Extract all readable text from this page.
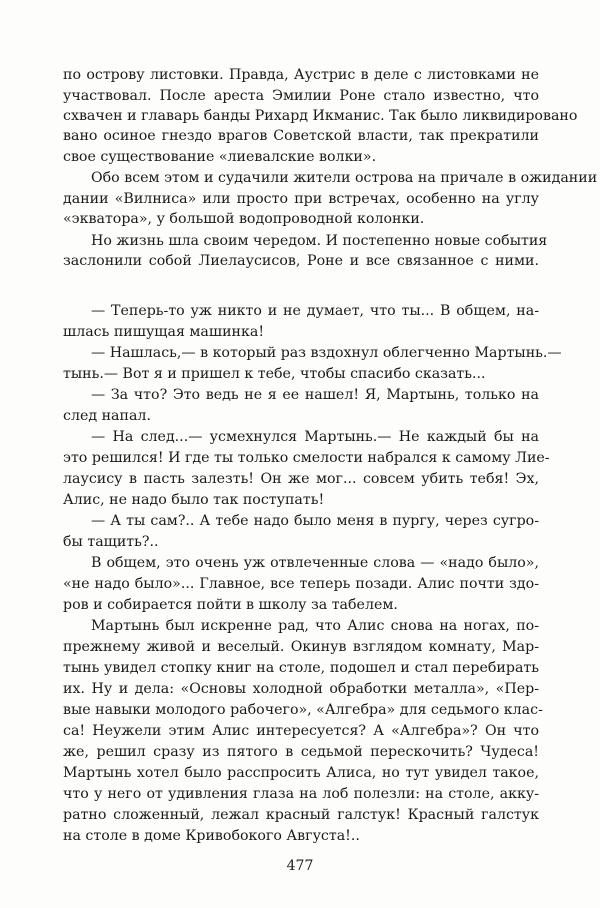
по острову листовки. Правда, Аустрис в деле с листовками не
участвовал. После ареста Эмилии Роне стало известно, что
схвачен и главарь банды Рихард Икманис. Так было ликвидировано
вано осиное гнездо врагов Советской власти, так прекратили
свое существование «лиевалские волки».
Обо всем этом и судачили жители острова на причале в ожидании
дании «Вилниса» или просто при встречах, особенно на углу
«экватора», у большой водопроводной колонки.
Но жизнь шла своим чередом. И постепенно новые события
заслонили собой Лиелаусисов, Роне и все связанное с ними.
— Теперь-то уж никто и не думает, что ты... В общем, на-
шлась пишущая машинка!
— Нашлась,— в который раз вздохнул облегченно Мартынь.—
тынь.— Вот я и пришел к тебе, чтобы спасибо сказать...
— За что? Это ведь не я ее нашел! Я, Мартынь, только на
след напал.
— На след...— усмехнулся Мартынь.— Не каждый бы на
это решился! И где ты только смелости набрался к самому Лие-
лаусису в пасть залезть! Он же мог... совсем убить тебя! Эх,
Алис, не надо было так поступать!
— А ты сам?.. А тебе надо было меня в пургу, через сугро-
бы тащить?..
В общем, это очень уж отвлеченные слова — «надо было»,
«не надо было»... Главное, все теперь позади. Алис почти здо-
ров и собирается пойти в школу за табелем.
Мартынь был искренне рад, что Алис снова на ногах, по-
прежнему живой и веселый. Окинув взглядом комнату, Мар-
тынь увидел стопку книг на столе, подошел и стал перебирать
их. Ну и дела: «Основы холодной обработки металла», «Пер-
вые навыки молодого рабочего», «Алгебра» для седьмого клас-
са! Неужели этим Алис интересуется? А «Алгебра»? Он что
же, решил сразу из пятого в седьмой перескочить? Чудеса!
Мартынь хотел было расспросить Алиса, но тут увидел такое,
что у него от удивления глаза на лоб полезли: на столе, акку-
ратно сложенный, лежал красный галстук! Красный галстук
на столе в доме Кривобокого Августа!..
477
